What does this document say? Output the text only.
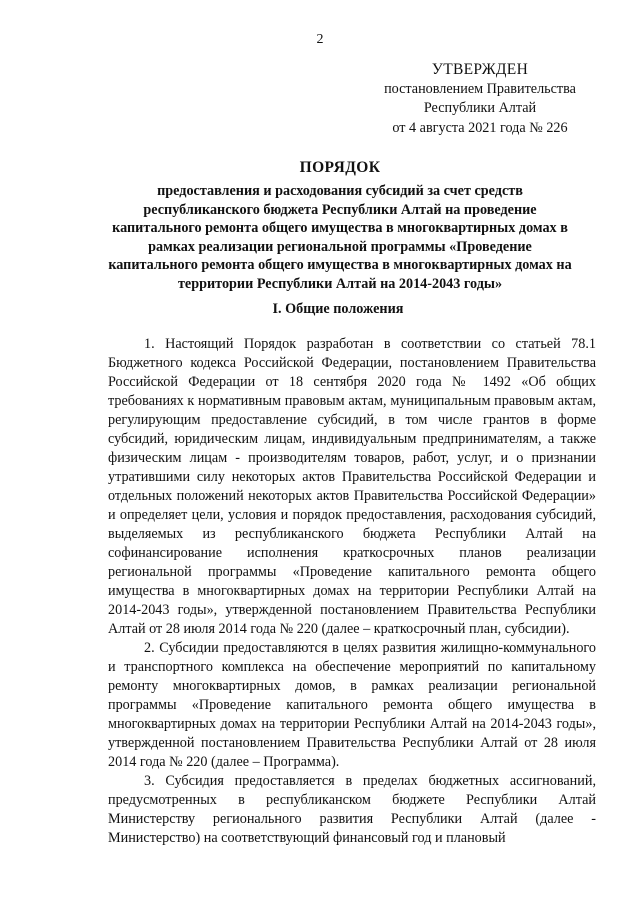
2
УТВЕРЖДЕН
постановлением Правительства
Республики Алтай
от 4 августа 2021 года № 226
ПОРЯДОК
предоставления и расходования субсидий за счет средств республиканского бюджета Республики Алтай на проведение капитального ремонта общего имущества в многоквартирных домах в рамках реализации региональной программы «Проведение капитального ремонта общего имущества в многоквартирных домах на территории Республики Алтай на 2014-2043 годы»
I. Общие положения

1. Настоящий Порядок разработан в соответствии со статьей 78.1 Бюджетного кодекса Российской Федерации, постановлением Правительства Российской Федерации от 18 сентября 2020 года № 1492 «Об общих требованиях к нормативным правовым актам, муниципальным правовым актам, регулирующим предоставление субсидий, в том числе грантов в форме субсидий, юридическим лицам, индивидуальным предпринимателям, а также физическим лицам - производителям товаров, работ, услуг, и о признании утратившими силу некоторых актов Правительства Российской Федерации и отдельных положений некоторых актов Правительства Российской Федерации» и определяет цели, условия и порядок предоставления, расходования субсидий, выделяемых из республиканского бюджета Республики Алтай на софинансирование исполнения краткосрочных планов реализации региональной программы «Проведение капитального ремонта общего имущества в многоквартирных домах на территории Республики Алтай на 2014-2043 годы», утвержденной постановлением Правительства Республики Алтай от 28 июля 2014 года № 220 (далее – краткосрочный план, субсидии).

2. Субсидии предоставляются в целях развития жилищно-коммунального и транспортного комплекса на обеспечение мероприятий по капитальному ремонту многоквартирных домов, в рамках реализации региональной программы «Проведение капитального ремонта общего имущества в многоквартирных домах на территории Республики Алтай на 2014-2043 годы», утвержденной постановлением Правительства Республики Алтай от 28 июля 2014 года № 220 (далее – Программа).

3. Субсидия предоставляется в пределах бюджетных ассигнований, предусмотренных в республиканском бюджете Республики Алтай Министерству регионального развития Республики Алтай (далее - Министерство) на соответствующий финансовый год и плановый
